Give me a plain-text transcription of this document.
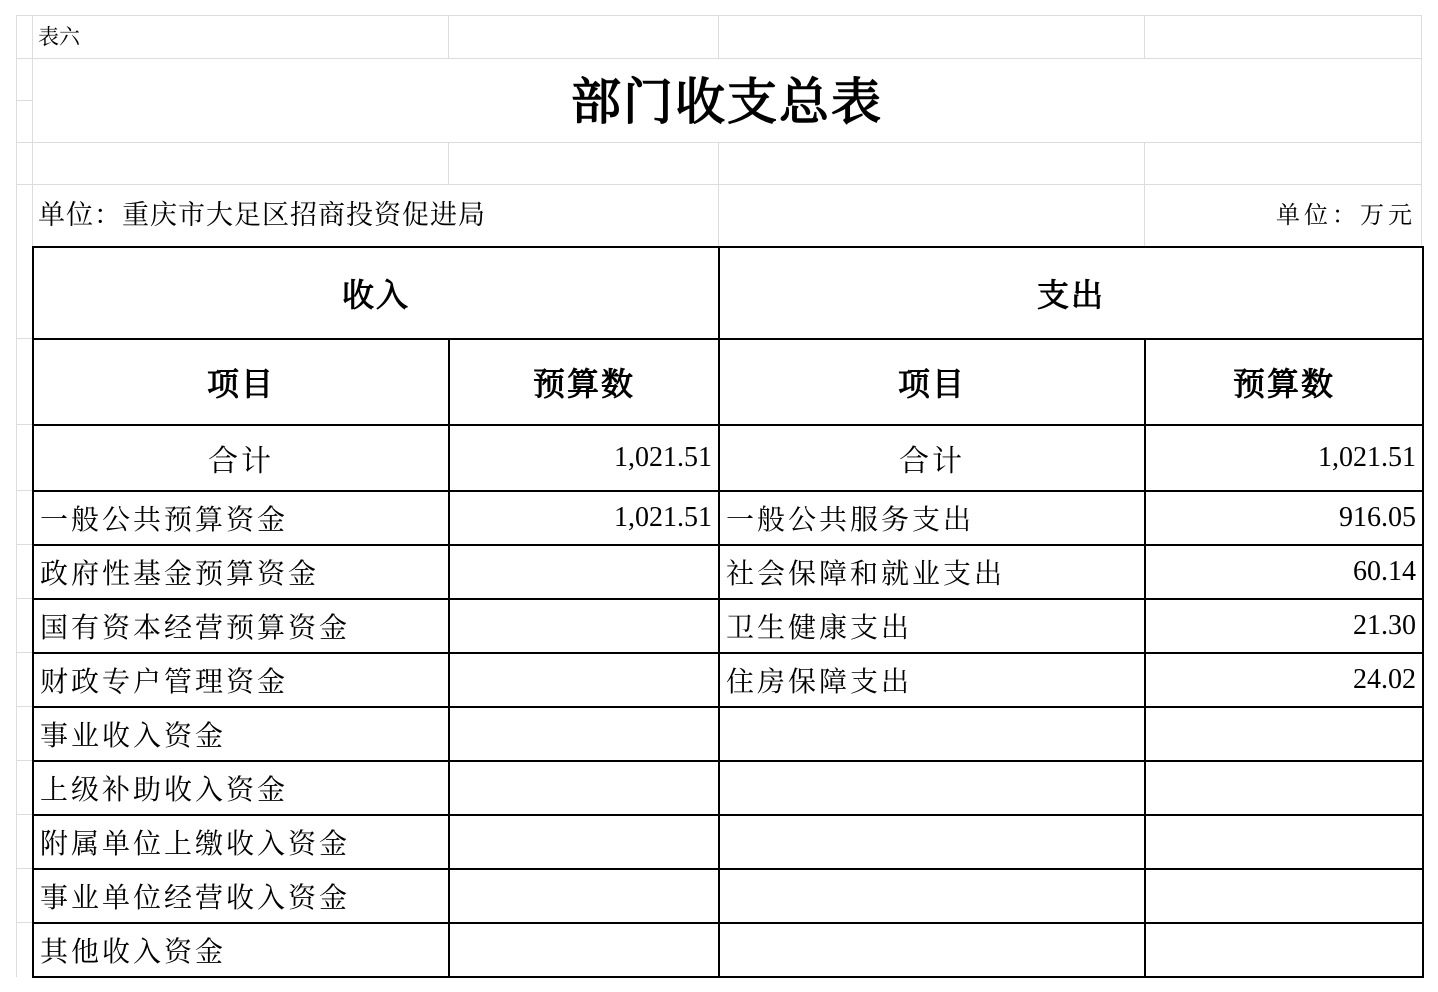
表六
部门收支总表
单位：重庆市大足区招商投资促进局	单位：万元
收入		支出	
项目	预算数	项目	预算数
合计	1,021.51	合计	1,021.51
一般公共预算资金	1,021.51	一般公共服务支出	916.05
政府性基金预算资金		社会保障和就业支出	60.14
国有资本经营预算资金		卫生健康支出	21.30
财政专户管理资金		住房保障支出	24.02
事业收入资金			
上级补助收入资金			
附属单位上缴收入资金			
事业单位经营收入资金			
其他收入资金			
